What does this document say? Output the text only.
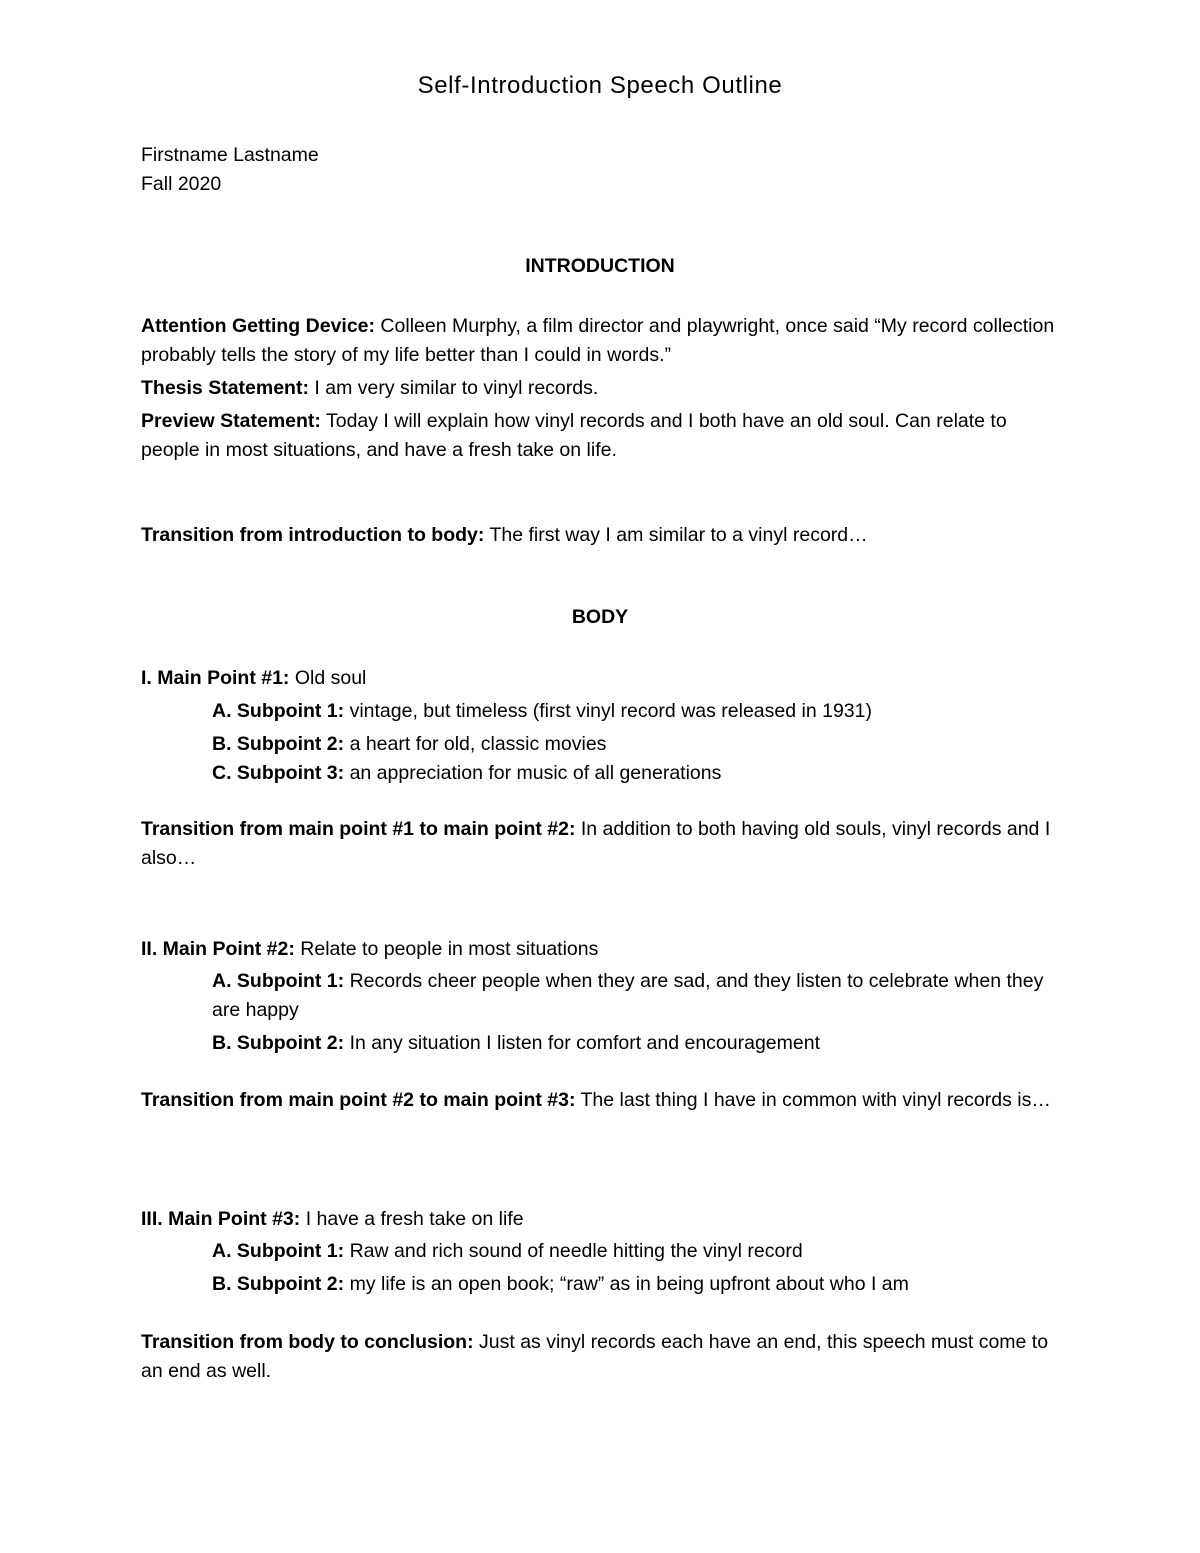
Self-Introduction Speech Outline
Firstname Lastname
Fall 2020
INTRODUCTION
Attention Getting Device: Colleen Murphy, a film director and playwright, once said “My record collection probably tells the story of my life better than I could in words.”
Thesis Statement: I am very similar to vinyl records.
Preview Statement: Today I will explain how vinyl records and I both have an old soul. Can relate to people in most situations, and have a fresh take on life.
Transition from introduction to body: The first way I am similar to a vinyl record…
BODY
I. Main Point #1: Old soul
A. Subpoint 1: vintage, but timeless (first vinyl record was released in 1931)
B. Subpoint 2: a heart for old, classic movies
C. Subpoint 3: an appreciation for music of all generations
Transition from main point #1 to main point #2: In addition to both having old souls, vinyl records and I also…
II. Main Point #2: Relate to people in most situations
A. Subpoint 1: Records cheer people when they are sad, and they listen to celebrate when they are happy
B. Subpoint 2: In any situation I listen for comfort and encouragement
Transition from main point #2 to main point #3: The last thing I have in common with vinyl records is…
III. Main Point #3: I have a fresh take on life
A. Subpoint 1: Raw and rich sound of needle hitting the vinyl record
B. Subpoint 2: my life is an open book; “raw” as in being upfront about who I am
Transition from body to conclusion: Just as vinyl records each have an end, this speech must come to an end as well.
